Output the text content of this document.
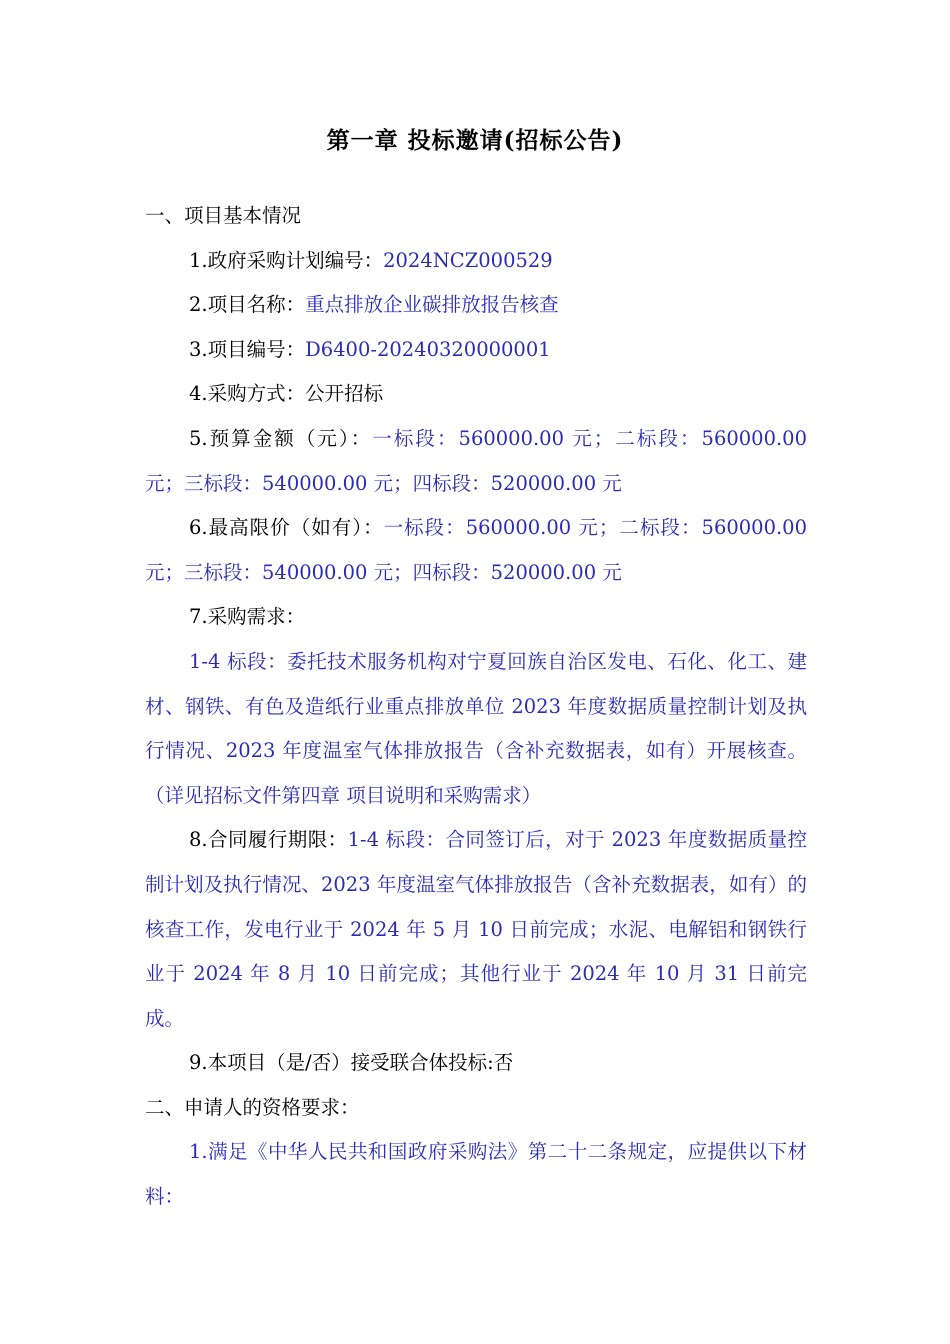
第一章 投标邀请(招标公告)

一、项目基本情况

1.政府采购计划编号：2024NCZ000529

2.项目名称：重点排放企业碳排放报告核查

3.项目编号：D6400-20240320000001

4.采购方式：公开招标

5.预算金额（元）：一标段：560000.00 元；二标段：560000.00 元；三标段：540000.00 元；四标段：520000.00 元

6.最高限价（如有）：一标段：560000.00 元；二标段：560000.00 元；三标段：540000.00 元；四标段：520000.00 元

7.采购需求：

1-4 标段：委托技术服务机构对宁夏回族自治区发电、石化、化工、建材、钢铁、有色及造纸行业重点排放单位 2023 年度数据质量控制计划及执行情况、2023 年度温室气体排放报告（含补充数据表，如有）开展核查。（详见招标文件第四章 项目说明和采购需求）

8.合同履行期限：1-4 标段：合同签订后，对于 2023 年度数据质量控制计划及执行情况、2023 年度温室气体排放报告（含补充数据表，如有）的核查工作，发电行业于 2024 年 5 月 10 日前完成；水泥、电解铝和钢铁行业于 2024 年 8 月 10 日前完成；其他行业于 2024 年 10 月 31 日前完成。

9.本项目（是/否）接受联合体投标:否

二、申请人的资格要求：

1.满足《中华人民共和国政府采购法》第二十二条规定，应提供以下材料：
